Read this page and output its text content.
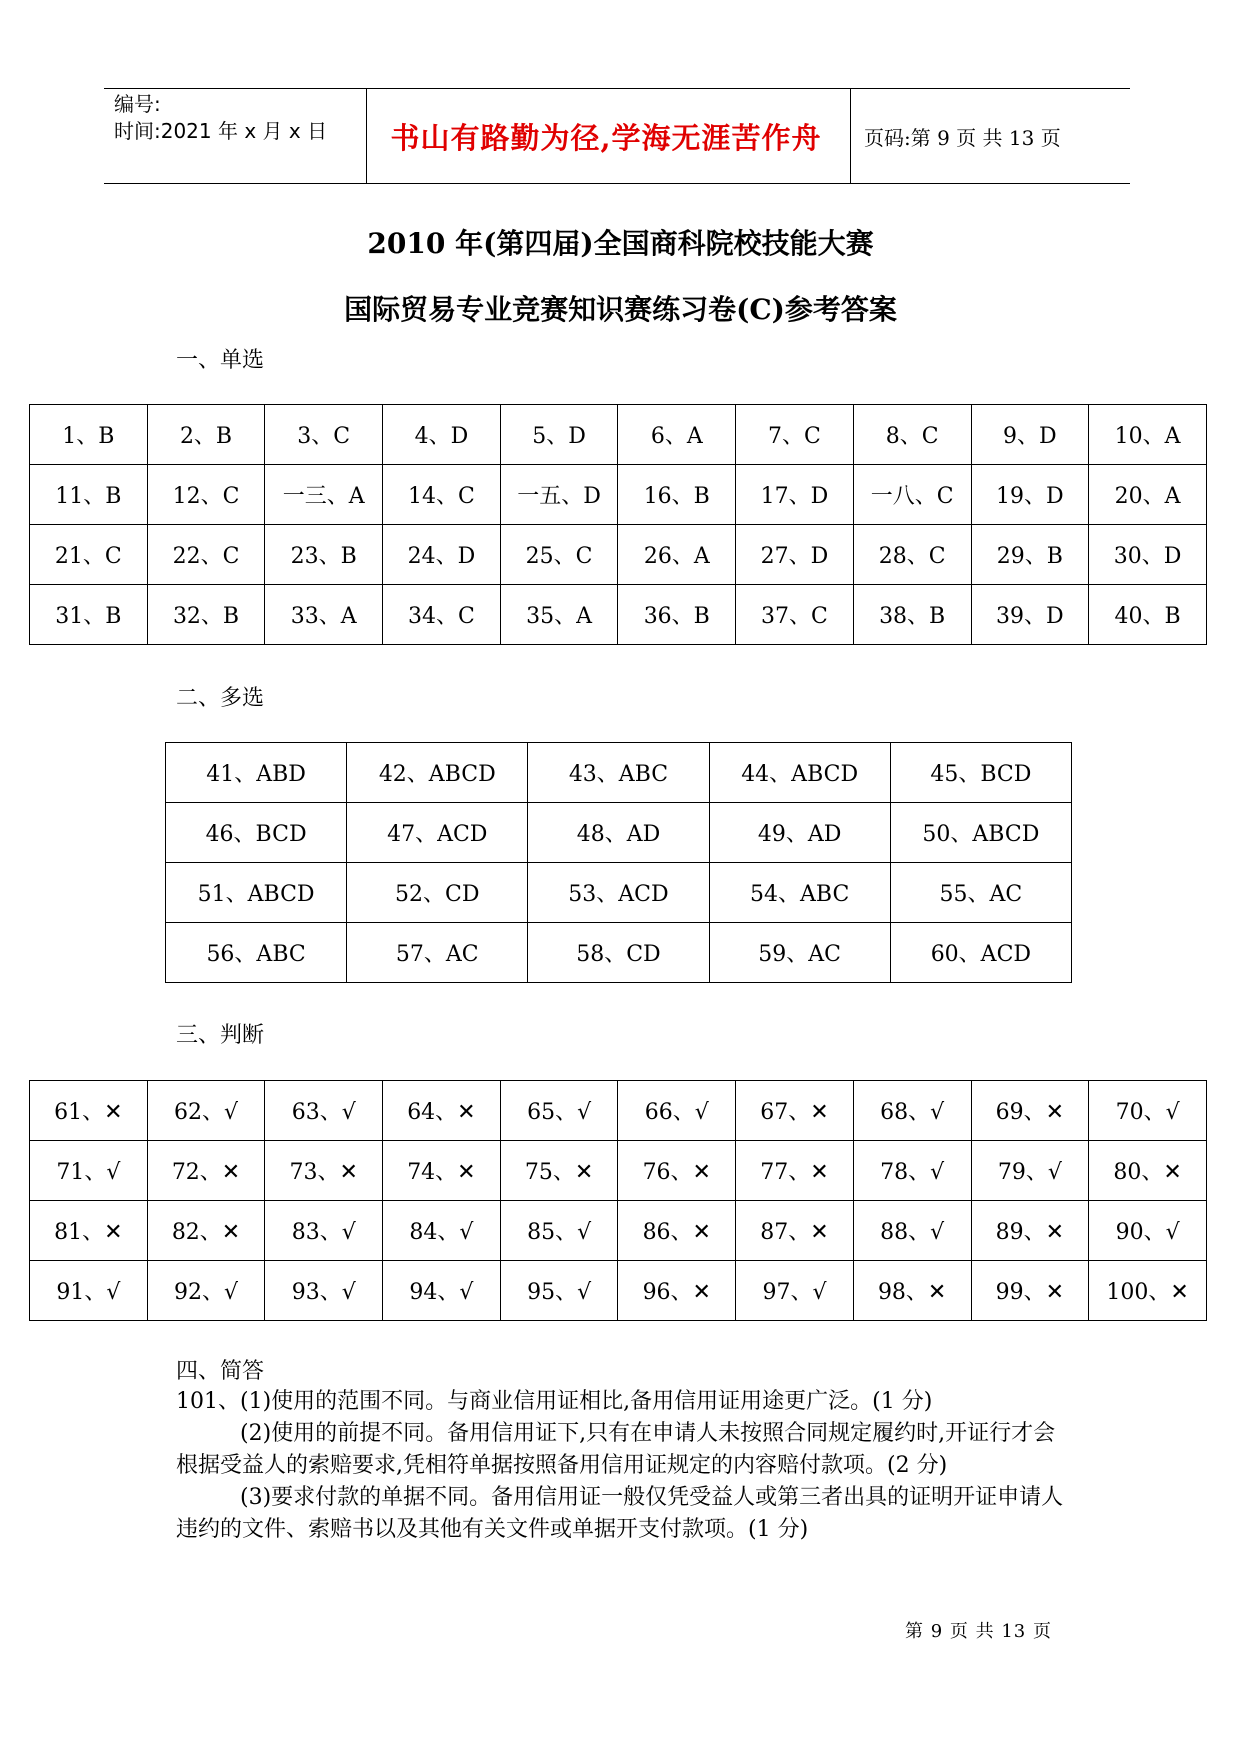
编号:
时间:2021 年 x 月 x 日	书山有路勤为径,学海无涯苦作舟	页码:第 9 页 共 13 页
2010 年(第四届)全国商科院校技能大赛
国际贸易专业竞赛知识赛练习卷(C)参考答案
一、单选
1、B	2、B	3、C	4、D	5、D	6、A	7、C	8、C	9、D	10、A
11、B	12、C	一三、A	14、C	一五、D	16、B	17、D	一八、C	19、D	20、A
21、C	22、C	23、B	24、D	25、C	26、A	27、D	28、C	29、B	30、D
31、B	32、B	33、A	34、C	35、A	36、B	37、C	38、B	39、D	40、B
二、多选
41、ABD	42、ABCD	43、ABC	44、ABCD	45、BCD
46、BCD	47、ACD	48、AD	49、AD	50、ABCD
51、ABCD	52、CD	53、ACD	54、ABC	55、AC
56、ABC	57、AC	58、CD	59、AC	60、ACD
三、判断
61、✕	62、√	63、√	64、✕	65、√	66、√	67、✕	68、√	69、✕	70、√
71、√	72、✕	73、✕	74、✕	75、✕	76、✕	77、✕	78、√	79、√	80、✕
81、✕	82、✕	83、√	84、√	85、√	86、✕	87、✕	88、√	89、✕	90、√
91、√	92、√	93、√	94、√	95、√	96、✕	97、√	98、✕	99、✕	100、✕
四、简答

101、(1)使用的范围不同。与商业信用证相比,备用信用证用途更广泛。(1 分)

(2)使用的前提不同。备用信用证下,只有在申请人未按照合同规定履约时,开证行才会根据受益人的索赔要求,凭相符单据按照备用信用证规定的内容赔付款项。(2 分)

(3)要求付款的单据不同。备用信用证一般仅凭受益人或第三者出具的证明开证申请人违约的文件、索赔书以及其他有关文件或单据开支付款项。(1 分)

第 9 页 共 13 页
